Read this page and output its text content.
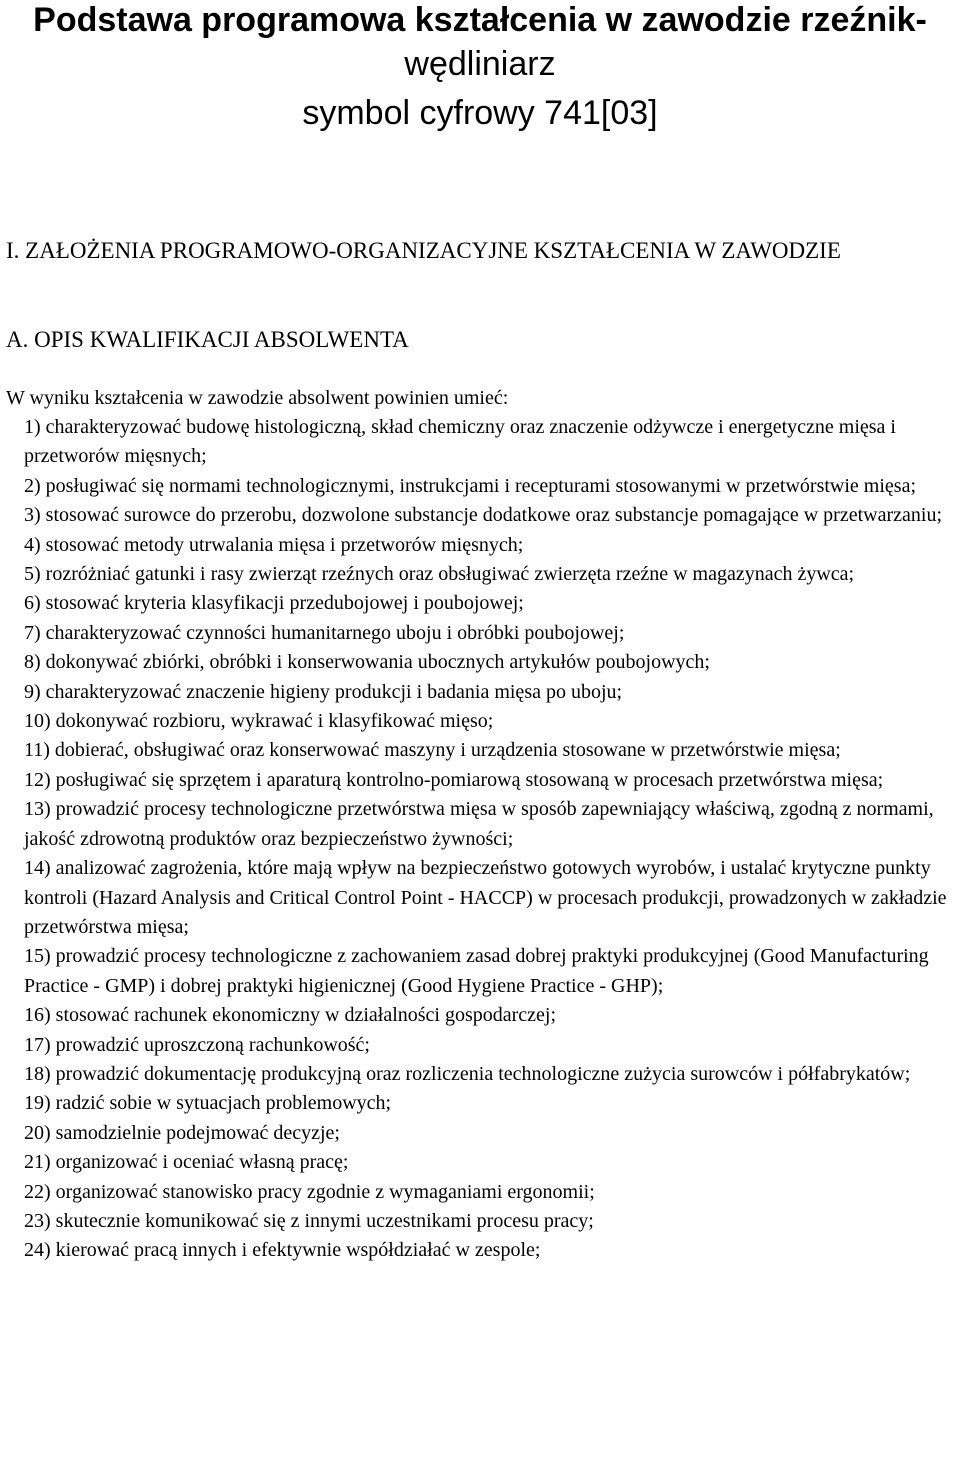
Podstawa programowa kształcenia w zawodzie rzeźnik-
wędliniarz
symbol cyfrowy 741[03]
I. ZAŁOŻENIA PROGRAMOWO-ORGANIZACYJNE KSZTAŁCENIA W ZAWODZIE
A. OPIS KWALIFIKACJI ABSOLWENTA

W wyniku kształcenia w zawodzie absolwent powinien umieć:

1) charakteryzować budowę histologiczną, skład chemiczny oraz znaczenie odżywcze i energetyczne mięsa i przetworów mięsnych;
2) posługiwać się normami technologicznymi, instrukcjami i recepturami stosowanymi w przetwórstwie mięsa;
3) stosować surowce do przerobu, dozwolone substancje dodatkowe oraz substancje pomagające w przetwarzaniu;
4) stosować metody utrwalania mięsa i przetworów mięsnych;
5) rozróżniać gatunki i rasy zwierząt rzeźnych oraz obsługiwać zwierzęta rzeźne w magazynach żywca;
6) stosować kryteria klasyfikacji przedubojowej i poubojowej;
7) charakteryzować czynności humanitarnego uboju i obróbki poubojowej;
8) dokonywać zbiórki, obróbki i konserwowania ubocznych artykułów poubojowych;
9) charakteryzować znaczenie higieny produkcji i badania mięsa po uboju;
10) dokonywać rozbioru, wykrawać i klasyfikować mięso;
11) dobierać, obsługiwać oraz konserwować maszyny i urządzenia stosowane w przetwórstwie mięsa;
12) posługiwać się sprzętem i aparaturą kontrolno-pomiarową stosowaną w procesach przetwórstwa mięsa;
13) prowadzić procesy technologiczne przetwórstwa mięsa w sposób zapewniający właściwą, zgodną z normami, jakość zdrowotną produktów oraz bezpieczeństwo żywności;
14) analizować zagrożenia, które mają wpływ na bezpieczeństwo gotowych wyrobów, i ustalać krytyczne punkty kontroli (Hazard Analysis and Critical Control Point - HACCP) w procesach produkcji, prowadzonych w zakładzie przetwórstwa mięsa;
15) prowadzić procesy technologiczne z zachowaniem zasad dobrej praktyki produkcyjnej (Good Manufacturing Practice - GMP) i dobrej praktyki higienicznej (Good Hygiene Practice - GHP);
16) stosować rachunek ekonomiczny w działalności gospodarczej;
17) prowadzić uproszczoną rachunkowość;
18) prowadzić dokumentację produkcyjną oraz rozliczenia technologiczne zużycia surowców i półfabrykatów;
19) radzić sobie w sytuacjach problemowych;
20) samodzielnie podejmować decyzje;
21) organizować i oceniać własną pracę;
22) organizować stanowisko pracy zgodnie z wymaganiami ergonomii;
23) skutecznie komunikować się z innymi uczestnikami procesu pracy;
24) kierować pracą innych i efektywnie współdziałać w zespole;
